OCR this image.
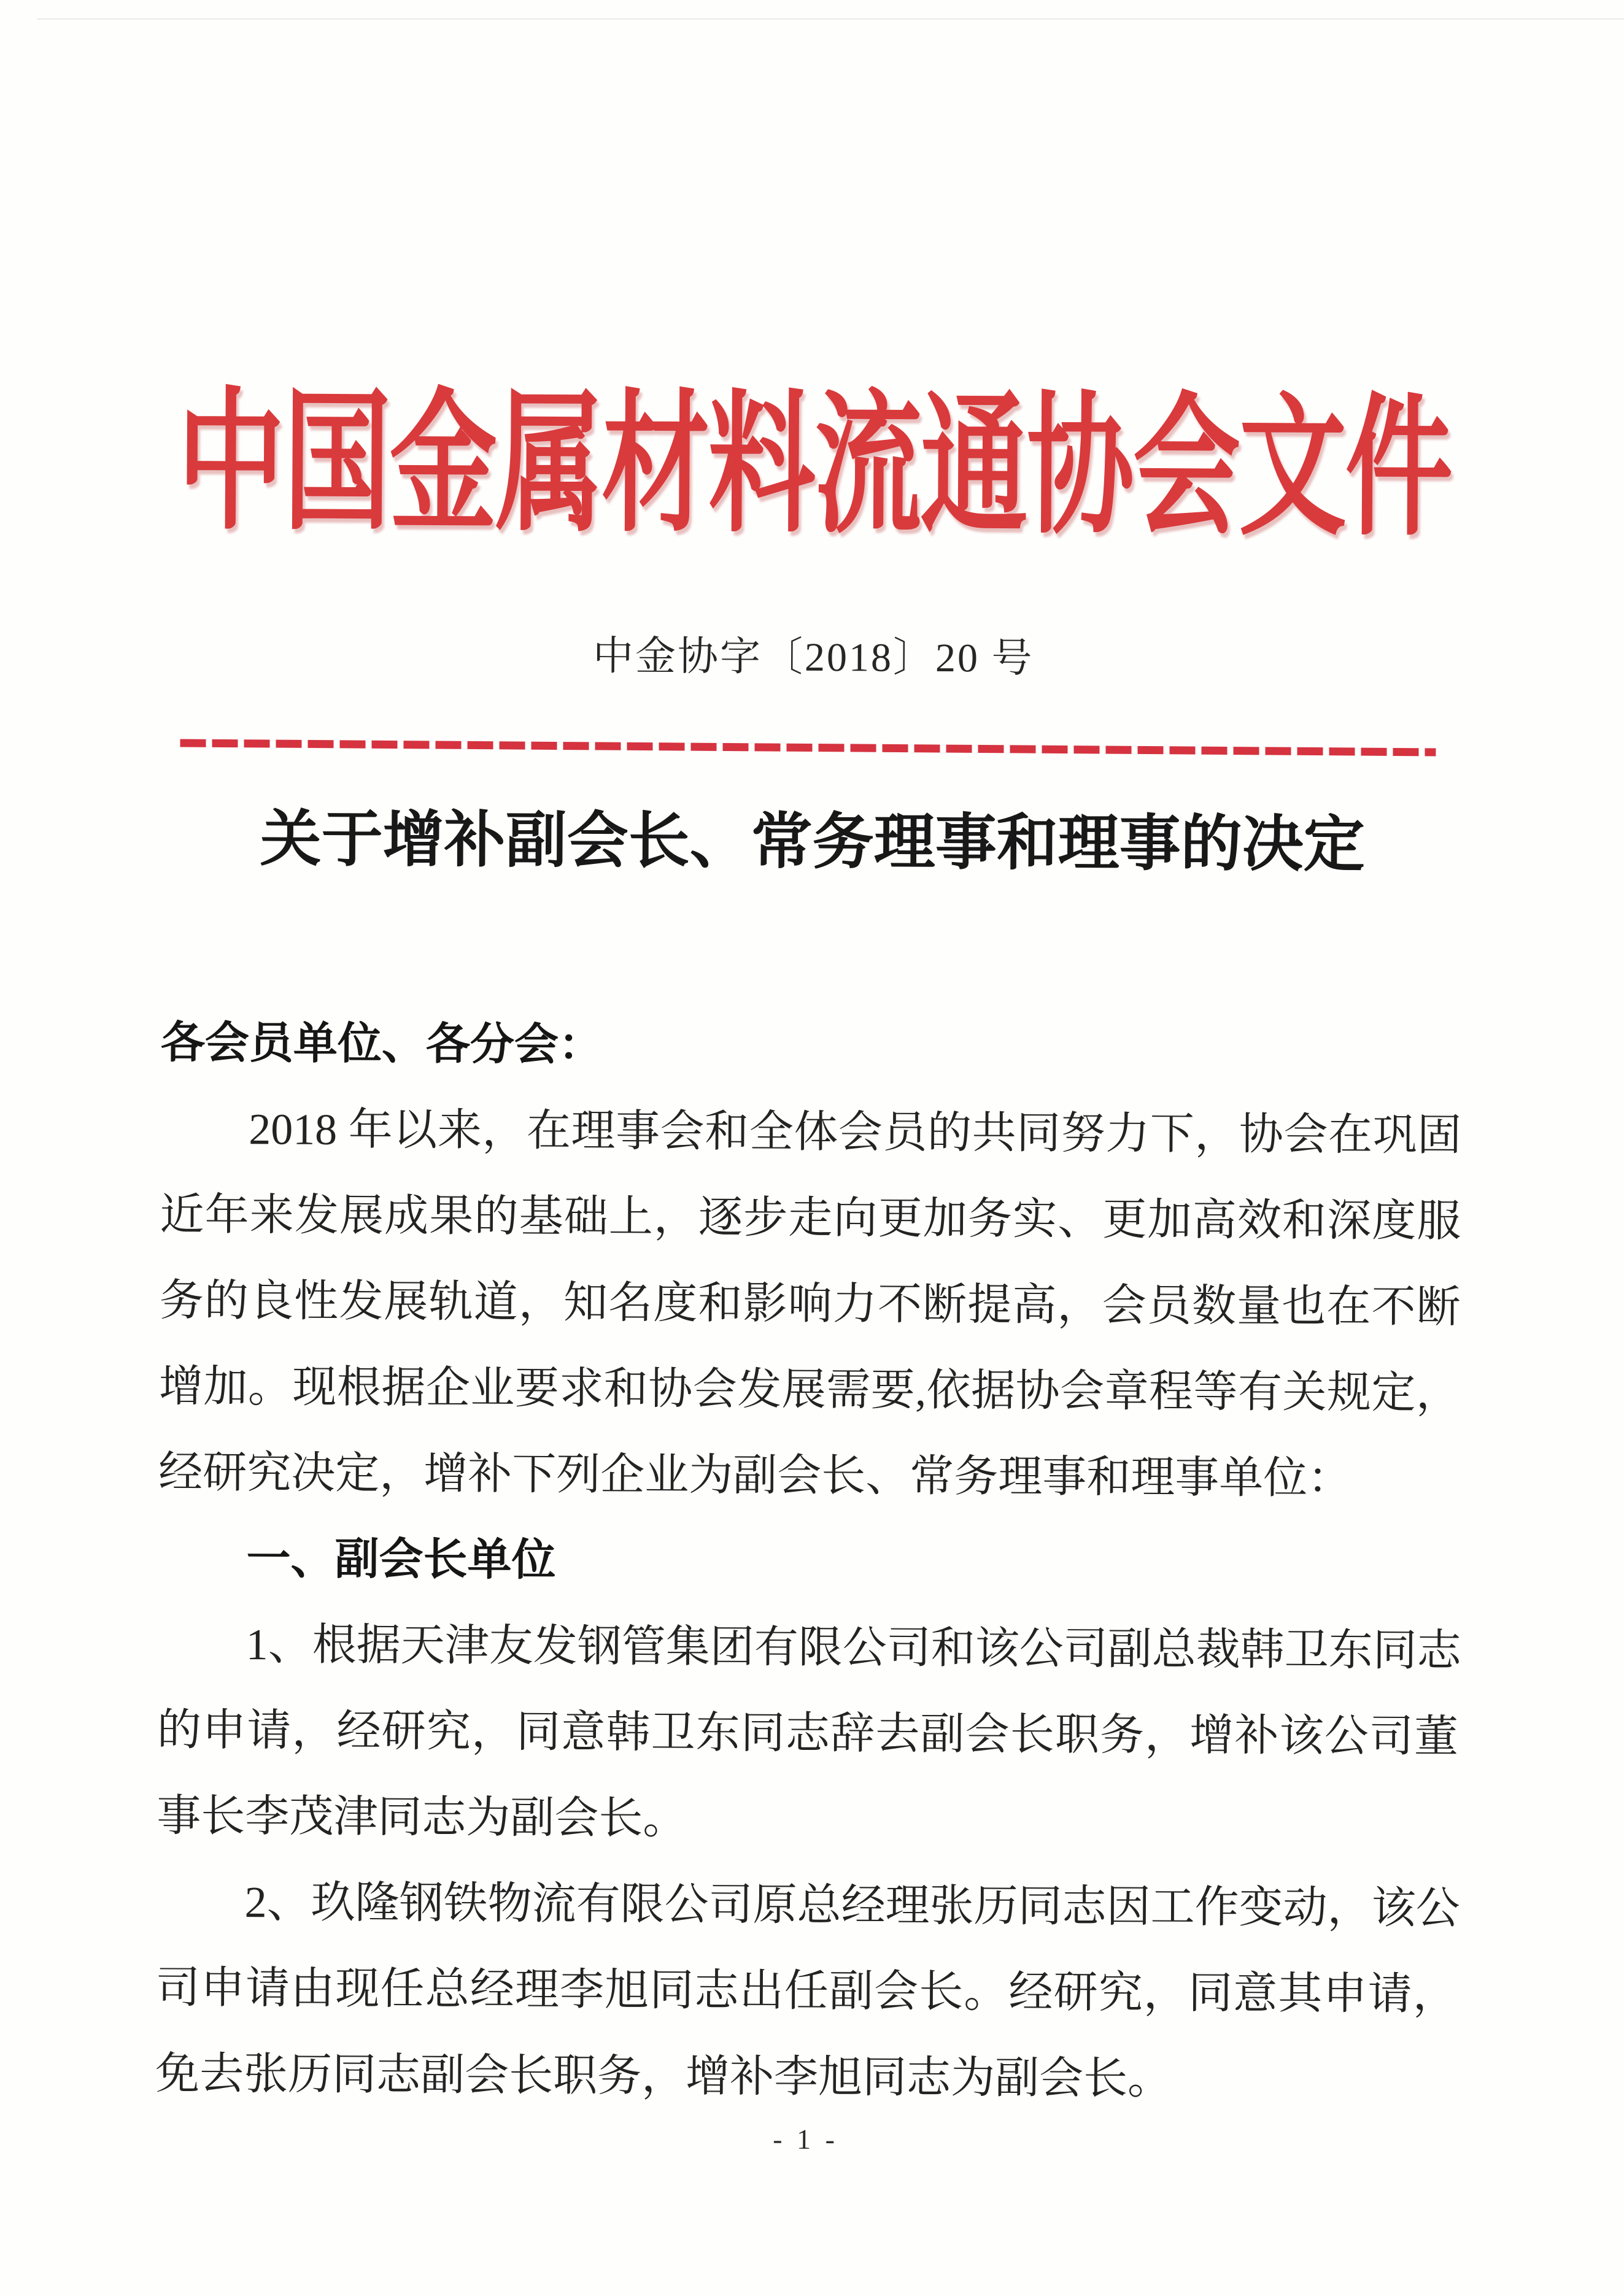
中国金属材料流通协会文件
中金协字〔2018〕20 号
关于增补副会长、常务理事和理事的决定
各会员单位、各分会：
2018 年以来，在理事会和全体会员的共同努力下，协会在巩固
近年来发展成果的基础上，逐步走向更加务实、更加高效和深度服
务的良性发展轨道，知名度和影响力不断提高，会员数量也在不断
增加。现根据企业要求和协会发展需要,依据协会章程等有关规定，
经研究决定，增补下列企业为副会长、常务理事和理事单位：
一、副会长单位
1、根据天津友发钢管集团有限公司和该公司副总裁韩卫东同志
的申请，经研究，同意韩卫东同志辞去副会长职务，增补该公司董
事长李茂津同志为副会长。
2、玖隆钢铁物流有限公司原总经理张历同志因工作变动，该公
司申请由现任总经理李旭同志出任副会长。经研究，同意其申请，
免去张历同志副会长职务，增补李旭同志为副会长。
- 1 -
